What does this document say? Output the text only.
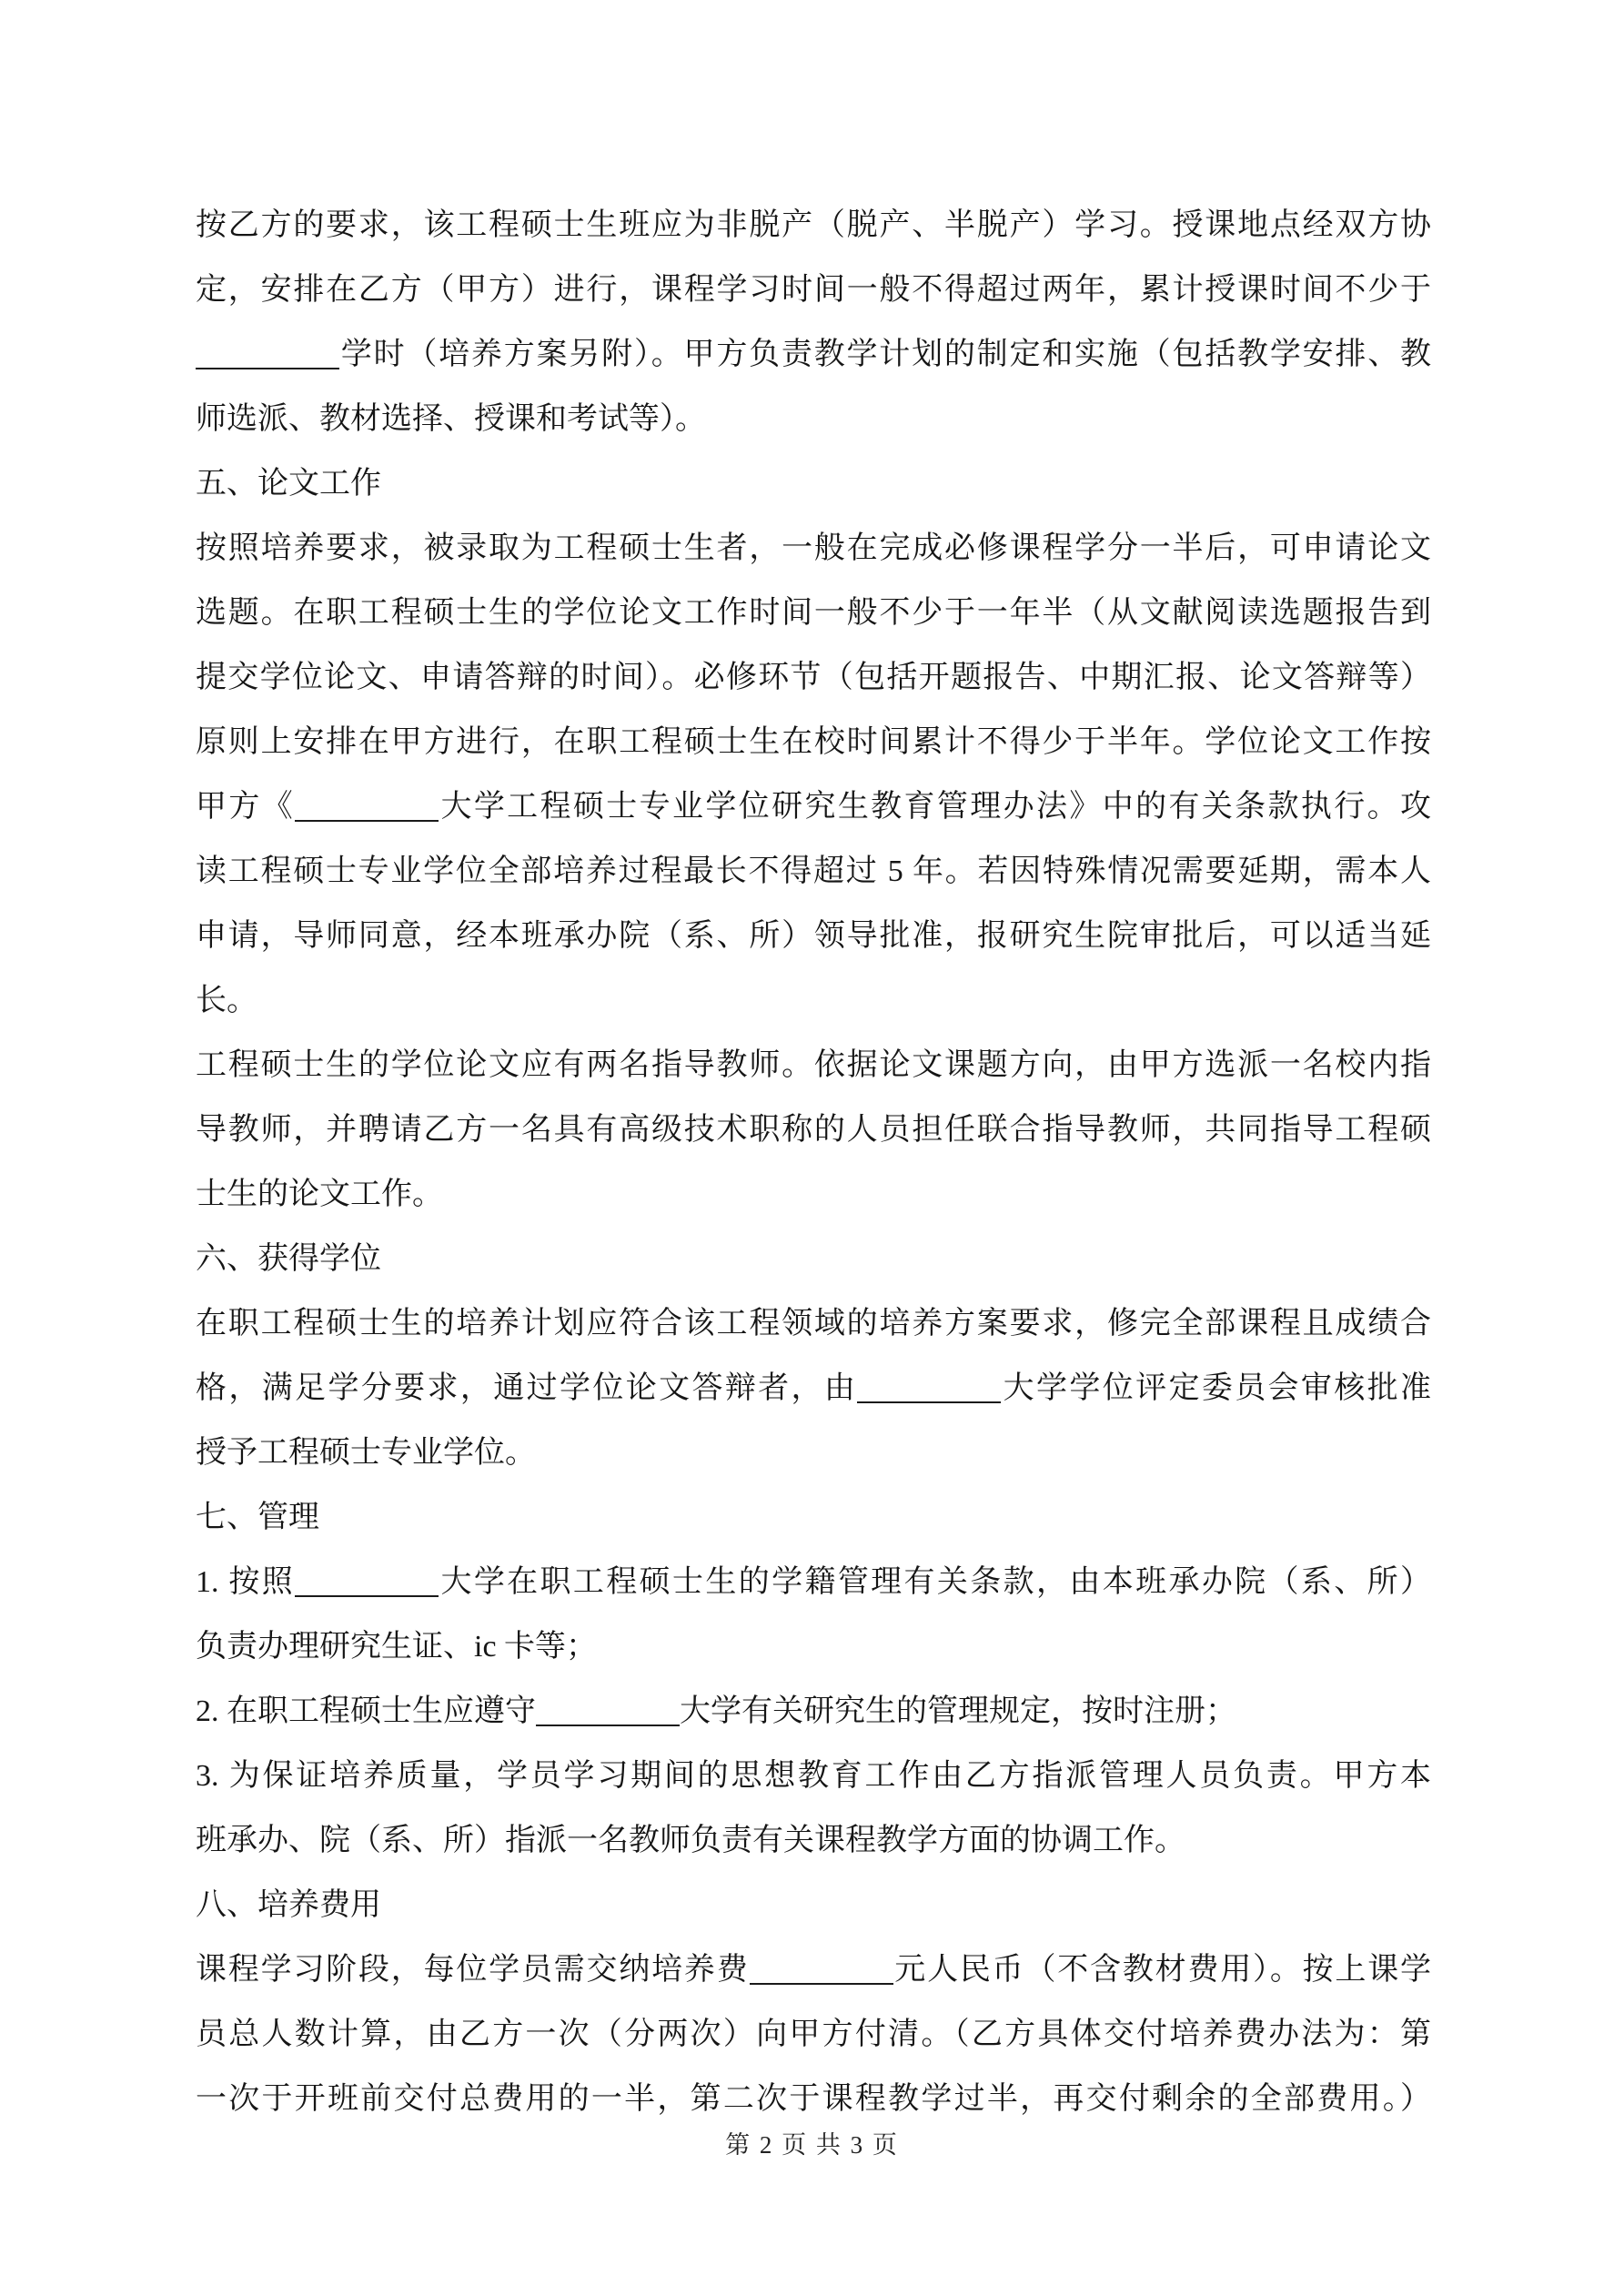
按乙方的要求，该工程硕士生班应为非脱产（脱产、半脱产）学习。授课地点经双方协
定，安排在乙方（甲方）进行，课程学习时间一般不得超过两年，累计授课时间不少于
学时（培养方案另附）。甲方负责教学计划的制定和实施（包括教学安排、教
师选派、教材选择、授课和考试等）。
五、论文工作
按照培养要求，被录取为工程硕士生者，一般在完成必修课程学分一半后，可申请论文
选题。在职工程硕士生的学位论文工作时间一般不少于一年半（从文献阅读选题报告到
提交学位论文、申请答辩的时间）。必修环节（包括开题报告、中期汇报、论文答辩等）
原则上安排在甲方进行，在职工程硕士生在校时间累计不得少于半年。学位论文工作按
甲方《	大学工程硕士专业学位研究生教育管理办法》中的有关条款执行。攻
读工程硕士专业学位全部培养过程最长不得超过 5 年。若因特殊情况需要延期，需本人
申请，导师同意，经本班承办院（系、所）领导批准，报研究生院审批后，可以适当延
长。
工程硕士生的学位论文应有两名指导教师。依据论文课题方向，由甲方选派一名校内指
导教师，并聘请乙方一名具有高级技术职称的人员担任联合指导教师，共同指导工程硕
士生的论文工作。
六、获得学位
在职工程硕士生的培养计划应符合该工程领域的培养方案要求，修完全部课程且成绩合
格，满足学分要求，通过学位论文答辩者，由	大学学位评定委员会审核批准
授予工程硕士专业学位。
七、管理
1. 按照	大学在职工程硕士生的学籍管理有关条款，由本班承办院（系、所）
负责办理研究生证、ic 卡等；
2. 在职工程硕士生应遵守	大学有关研究生的管理规定，按时注册；
3. 为保证培养质量，学员学习期间的思想教育工作由乙方指派管理人员负责。甲方本
班承办、院（系、所）指派一名教师负责有关课程教学方面的协调工作。
八、培养费用
课程学习阶段，每位学员需交纳培养费	元人民币（不含教材费用）。按上课学
员总人数计算，由乙方一次（分两次）向甲方付清。（乙方具体交付培养费办法为：第
一次于开班前交付总费用的一半，第二次于课程教学过半，再交付剩余的全部费用。）
第 2 页 共 3 页
